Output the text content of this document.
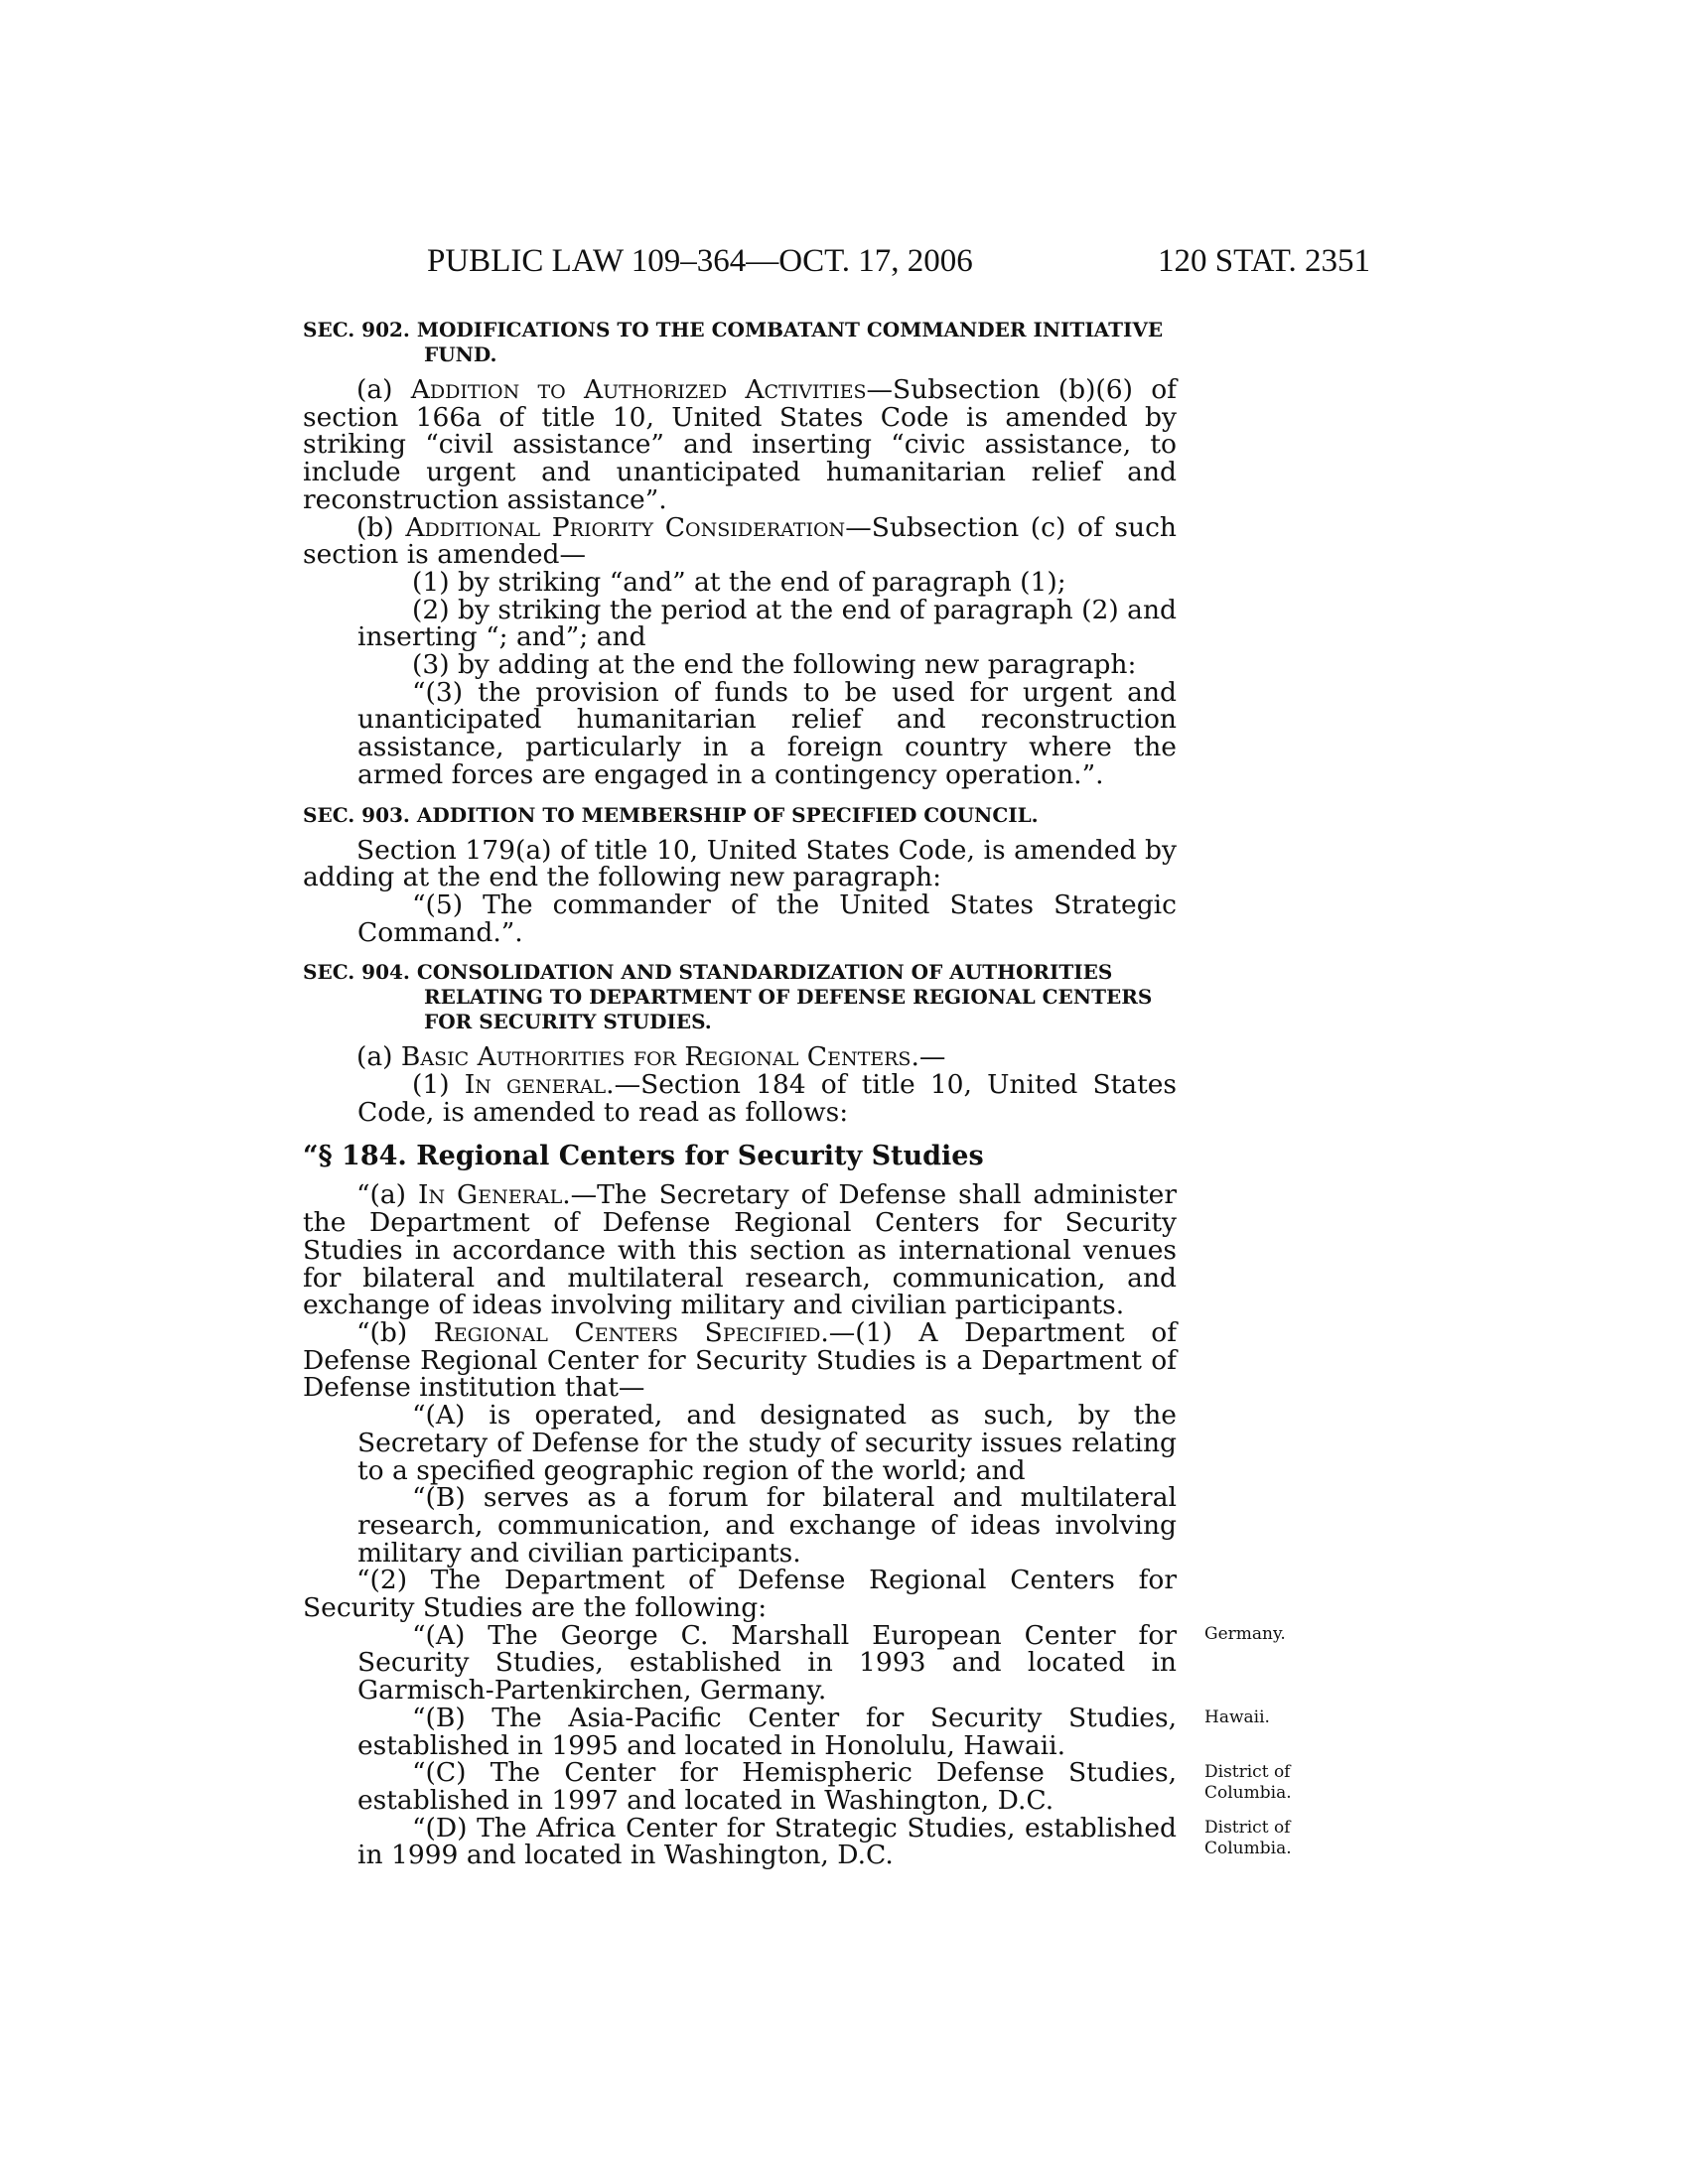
PUBLIC LAW 109–364—OCT. 17, 2006	120 STAT. 2351

SEC. 902. MODIFICATIONS TO THE COMBATANT COMMANDER INITIATIVE FUND.

(a) Addition to Authorized Activities—Subsection (b)(6) of section 166a of title 10, United States Code is amended by striking “civil assistance” and inserting “civic assistance, to include urgent and unanticipated humanitarian relief and reconstruction assistance”.

(b) Additional Priority Consideration—Subsection (c) of such section is amended—

(1) by striking “and” at the end of paragraph (1);

(2) by striking the period at the end of paragraph (2) and inserting “; and”; and

(3) by adding at the end the following new paragraph:

“(3) the provision of funds to be used for urgent and unanticipated humanitarian relief and reconstruction assistance, particularly in a foreign country where the armed forces are engaged in a contingency operation.”.

SEC. 903. ADDITION TO MEMBERSHIP OF SPECIFIED COUNCIL.

Section 179(a) of title 10, United States Code, is amended by adding at the end the following new paragraph:

“(5) The commander of the United States Strategic Command.”.

SEC. 904. CONSOLIDATION AND STANDARDIZATION OF AUTHORITIES RELATING TO DEPARTMENT OF DEFENSE REGIONAL CENTERS FOR SECURITY STUDIES.

(a) Basic Authorities for Regional Centers.—

(1) In general.—Section 184 of title 10, United States Code, is amended to read as follows:

“§ 184. Regional Centers for Security Studies

“(a) In General.—The Secretary of Defense shall administer the Department of Defense Regional Centers for Security Studies in accordance with this section as international venues for bilateral and multilateral research, communication, and exchange of ideas involving military and civilian participants.

“(b) Regional Centers Specified.—(1) A Department of Defense Regional Center for Security Studies is a Department of Defense institution that—

“(A) is operated, and designated as such, by the Secretary of Defense for the study of security issues relating to a specified geographic region of the world; and

“(B) serves as a forum for bilateral and multilateral research, communication, and exchange of ideas involving military and civilian participants.

“(2) The Department of Defense Regional Centers for Security Studies are the following:

“(A) The George C. Marshall European Center for Security Studies, established in 1993 and located in Garmisch-Partenkirchen, Germany.

Germany.

“(B) The Asia-Pacific Center for Security Studies, established in 1995 and located in Honolulu, Hawaii.

Hawaii.

“(C) The Center for Hemispheric Defense Studies, established in 1997 and located in Washington, D.C.

District of Columbia.

“(D) The Africa Center for Strategic Studies, established in 1999 and located in Washington, D.C.

District of Columbia.
